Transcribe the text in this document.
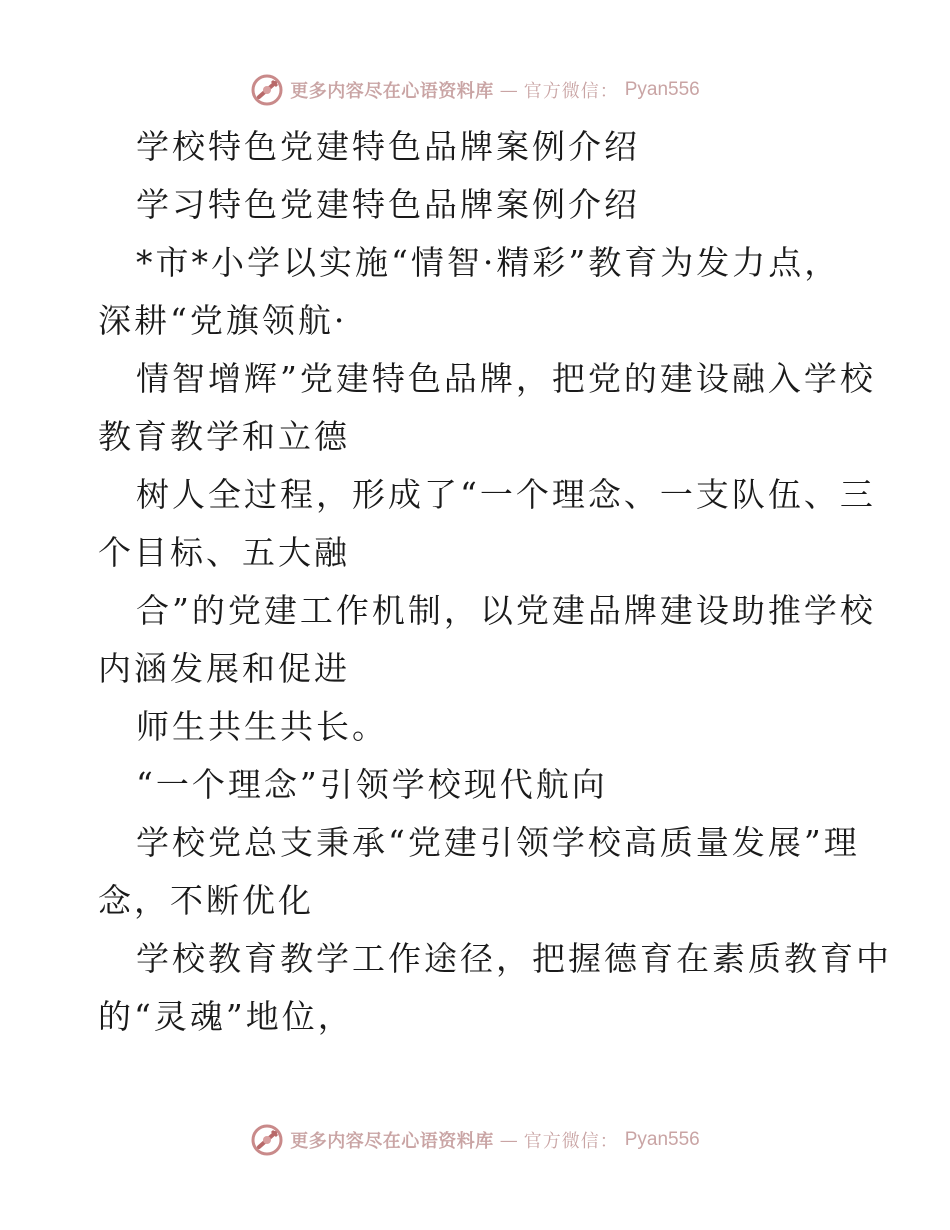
更多内容尽在心语资料库 — 官方微信： Pyan556
学校特色党建特色品牌案例介绍
学习特色党建特色品牌案例介绍
*市*小学以实施“情智·精彩”教育为发力点，
深耕“党旗领航·
情智增辉”党建特色品牌，把党的建设融入学校
教育教学和立德
树人全过程，形成了“一个理念、一支队伍、三
个目标、五大融
合”的党建工作机制，以党建品牌建设助推学校
内涵发展和促进
师生共生共长。
“一个理念”引领学校现代航向
学校党总支秉承“党建引领学校高质量发展”理
念，不断优化
学校教育教学工作途径，把握德育在素质教育中
的“灵魂”地位，
更多内容尽在心语资料库 — 官方微信： Pyan556
